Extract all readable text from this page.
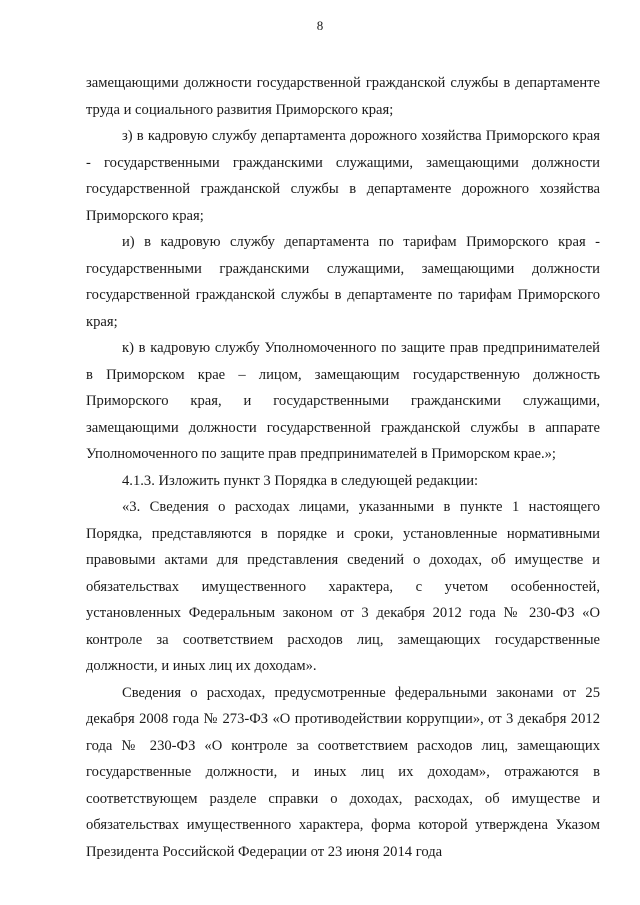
8

замещающими должности государственной гражданской службы в департаменте труда и социального развития Приморского края;

з) в кадровую службу департамента дорожного хозяйства Приморского края - государственными гражданскими служащими, замещающими должности государственной гражданской службы в департаменте дорожного хозяйства Приморского края;

и) в кадровую службу департамента по тарифам Приморского края - государственными гражданскими служащими, замещающими должности государственной гражданской службы в департаменте по тарифам Приморского края;

к) в кадровую службу Уполномоченного по защите прав предпринимателей в Приморском крае – лицом, замещающим государственную должность Приморского края, и государственными гражданскими служащими, замещающими должности государственной гражданской службы в аппарате Уполномоченного по защите прав предпринимателей в Приморском крае.»;

4.1.3. Изложить пункт 3 Порядка в следующей редакции:

«3. Сведения о расходах лицами, указанными в пункте 1 настоящего Порядка, представляются в порядке и сроки, установленные нормативными правовыми актами для представления сведений о доходах, об имуществе и обязательствах имущественного характера, с учетом особенностей, установленных Федеральным законом от 3 декабря 2012 года № 230-ФЗ «О контроле за соответствием расходов лиц, замещающих государственные должности, и иных лиц их доходам».

Сведения о расходах, предусмотренные федеральными законами от 25 декабря 2008 года № 273-ФЗ «О противодействии коррупции», от 3 декабря 2012 года № 230-ФЗ «О контроле за соответствием расходов лиц, замещающих государственные должности, и иных лиц их доходам», отражаются в соответствующем разделе справки о доходах, расходах, об имуществе и обязательствах имущественного характера, форма которой утверждена Указом Президента Российской Федерации от 23 июня 2014 года
